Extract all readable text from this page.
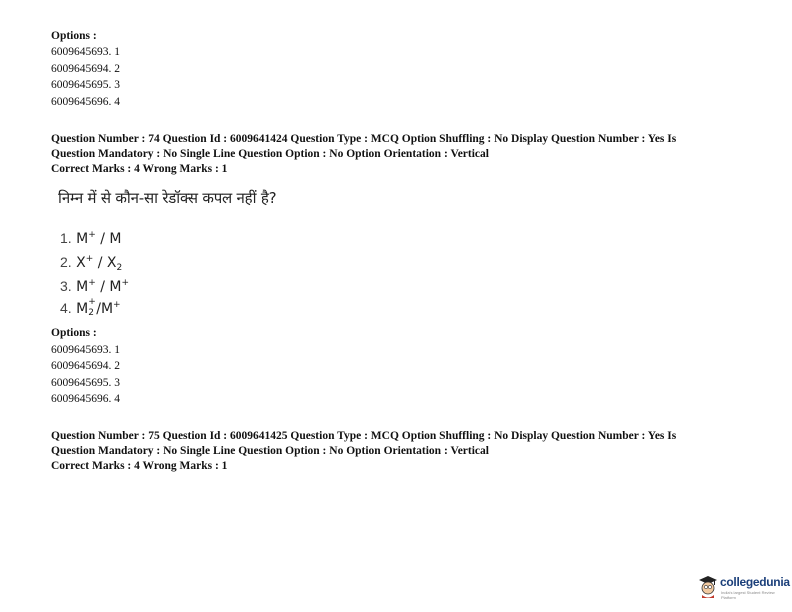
Options :
6009645693. 1
6009645694. 2
6009645695. 3
6009645696. 4
Question Number : 74 Question Id : 6009641424 Question Type : MCQ Option Shuffling : No Display Question Number : Yes Is
Question Mandatory : No Single Line Question Option : No Option Orientation : Vertical
Correct Marks : 4 Wrong Marks : 1
निम्न में से कौन-सा रेडॉक्स कपल नहीं है?
1. M+ / M
2. $X^+ / X_2$
3. M+ / M+
4. M +
2 /M+
Options :
6009645693. 1
6009645694. 2
6009645695. 3
6009645696. 4
Question Number : 75 Question Id : 6009641425 Question Type : MCQ Option Shuffling : No Display Question Number : Yes Is
Question Mandatory : No Single Line Question Option : No Option Orientation : Vertical
Correct Marks : 4 Wrong Marks : 1
collegedunia
India's largest Student Review Platform
